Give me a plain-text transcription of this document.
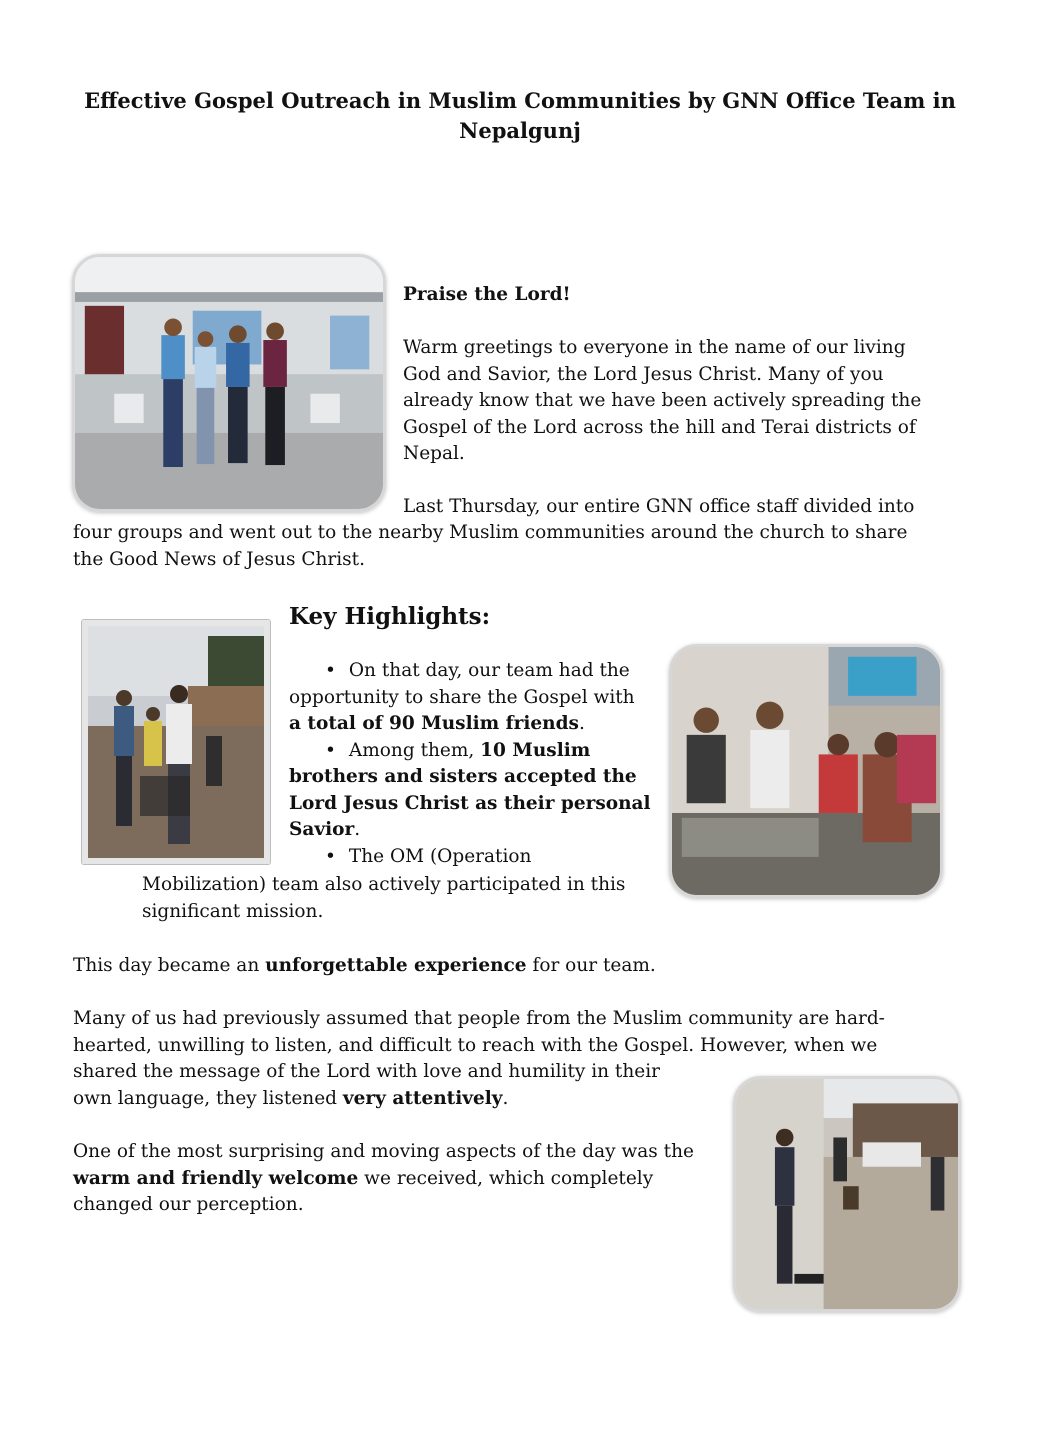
Effective Gospel Outreach in Muslim Communities by GNN Office Team in
Nepalgunj
Praise the Lord!
Warm greetings to everyone in the name of our living
God and Savior, the Lord Jesus Christ. Many of you
already know that we have been actively spreading the
Gospel of the Lord across the hill and Terai districts of
Nepal.
Last Thursday, our entire GNN office staff divided into
four groups and went out to the nearby Muslim communities around the church to share
the Good News of Jesus Christ.
Key Highlights:
• On that day, our team had the
opportunity to share the Gospel with
a total of 90 Muslim friends.
• Among them, 10 Muslim
brothers and sisters accepted the
Lord Jesus Christ as their personal
Savior.
• The OM (Operation
Mobilization) team also actively participated in this
significant mission.
This day became an unforgettable experience for our team.
Many of us had previously assumed that people from the Muslim community are hard-
hearted, unwilling to listen, and difficult to reach with the Gospel. However, when we
shared the message of the Lord with love and humility in their
own language, they listened very attentively.
One of the most surprising and moving aspects of the day was the
warm and friendly welcome we received, which completely
changed our perception.
